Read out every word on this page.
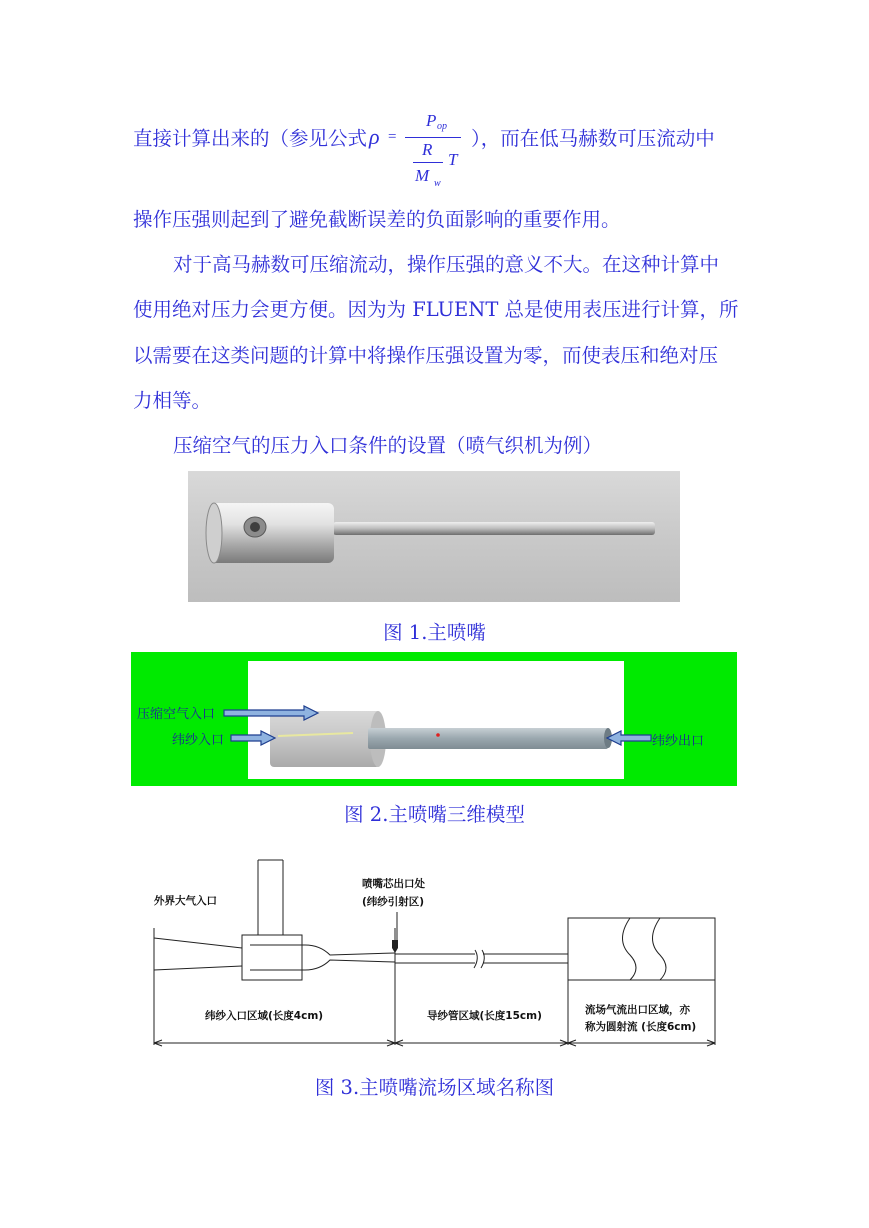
直接计算出来的（参见公式 ρ =
P op
R
M w
T
），而在低马赫数可压流动中
操作压强则起到了避免截断误差的负面影响的重要作用。
对于高马赫数可压缩流动，操作压强的意义不大。在这种计算中
使用绝对压力会更方便。因为为 FLUENT 总是使用表压进行计算，所
以需要在这类问题的计算中将操作压强设置为零，而使表压和绝对压
力相等。
压缩空气的压力入口条件的设置（喷气织机为例）
图 1.主喷嘴
压缩空气入口
纬纱入口	纬纱出口
图 2.主喷嘴三维模型
外界大气入口
喷嘴芯出口处
(纬纱引射区)
纬纱入口区域(长度4cm)	导纱管区域(长度15cm)	流场气流出口区域，亦
称为圆射流 (长度6cm)
图 3.主喷嘴流场区域名称图
